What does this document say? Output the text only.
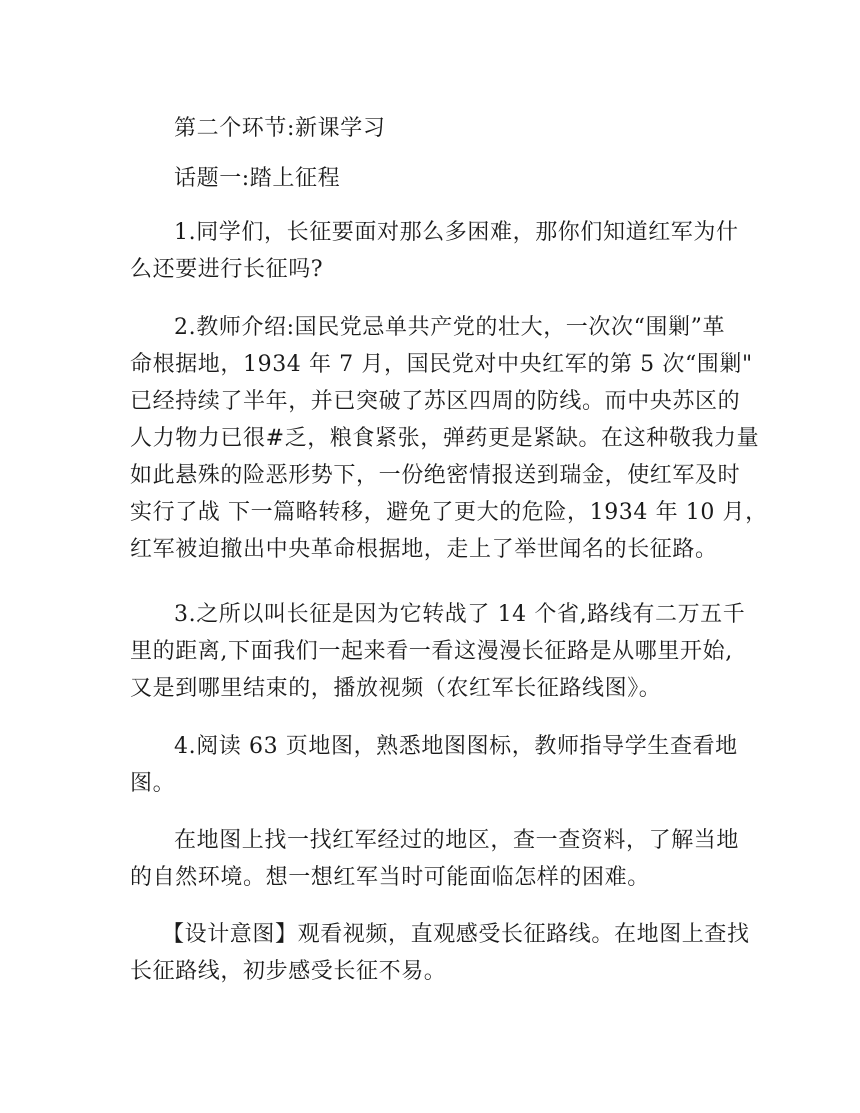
第二个环节:新课学习

话题一:踏上征程

1.同学们，长征要面对那么多困难，那你们知道红军为什
么还要进行长征吗?

2.教师介绍:国民党忌单共产党的壮大，一次次“围剿”革
命根据地，1934 年 7 月，国民党对中央红军的第 5 次“围剿"
已经持续了半年，并已突破了苏区四周的防线。而中央苏区的
人力物力已很#乏，粮食紧张，弹药更是紧缺。在这种敬我力量
如此悬殊的险恶形势下，一份绝密情报送到瑞金，使红军及时
实行了战 下一篇略转移，避免了更大的危险，1934 年 10 月，
红军被迫撤出中央革命根据地，走上了举世闻名的长征路。

3.之所以叫长征是因为它转战了 14 个省,路线有二万五千
里的距离,下面我们一起来看一看这漫漫长征路是从哪里开始,
又是到哪里结束的，播放视频（农红军长征路线图》。

4.阅读 63 页地图，熟悉地图图标，教师指导学生查看地
图。

在地图上找一找红军经过的地区，查一查资料，了解当地
的自然环境。想一想红军当时可能面临怎样的困难。

【设计意图】观看视频，直观感受长征路线。在地图上查找
长征路线，初步感受长征不易。
